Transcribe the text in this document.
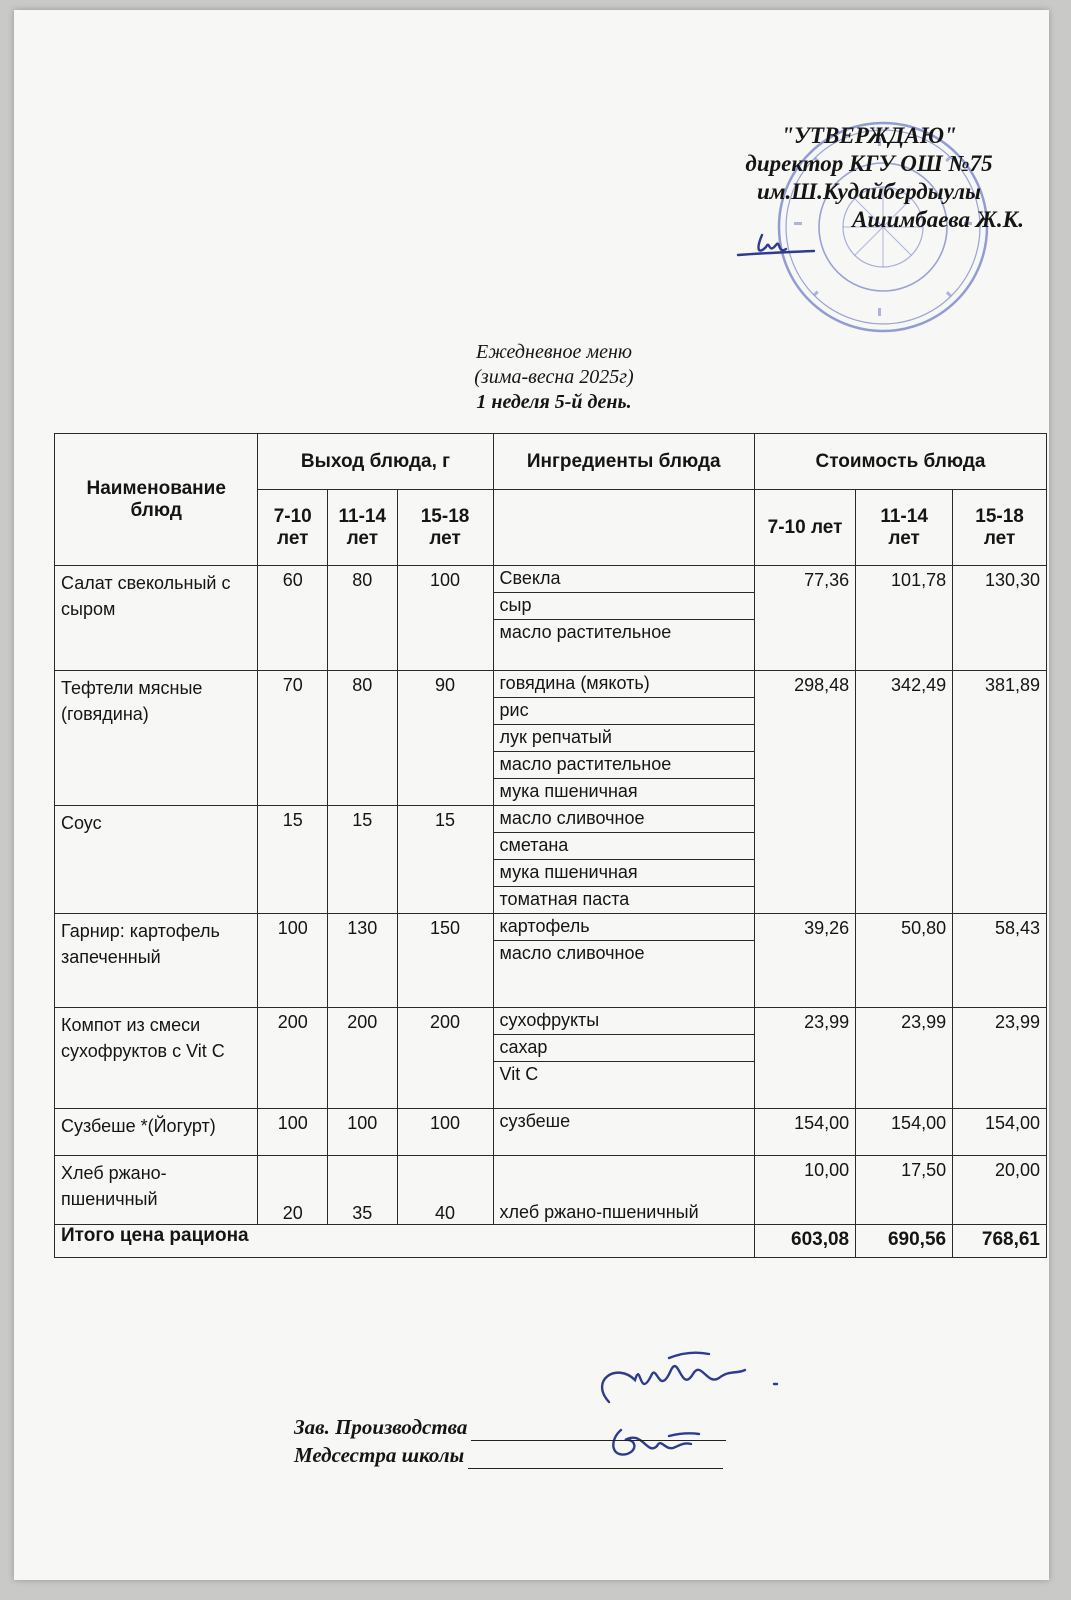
"УТВЕРЖДАЮ"
директор КГУ ОШ №75
им.Ш.Кудайбердыулы
Ашимбаева Ж.К.
Ежедневное меню
(зима-весна 2025г)
1 неделя 5-й день.
Наименование блюд	Выход блюда, г			Ингредиенты блюда	Стоимость блюда		
	7-10 лет	11-14 лет	15-18 лет		7-10 лет	11-14 лет	15-18 лет
Салат свекольный с сыром	60	80	100	Свекла	77,36	101,78	130,30
				сыр			
				масло растительное			
Тефтели мясные (говядина)	70	80	90	говядина (мякоть)	298,48	342,49	381,89
				рис			
				лук репчатый			
				масло растительное			
				мука пшеничная			
Соус	15	15	15	масло сливочное			
				сметана			
				мука пшеничная			
				томатная паста			
Гарнир: картофель запеченный	100	130	150	картофель	39,26	50,80	58,43
				масло сливочное			
Компот из смеси сухофруктов с Vit C	200	200	200	сухофрукты	23,99	23,99	23,99
				сахар			
				Vit C			
Сузбеше *(Йогурт)	100	100	100	сузбеше	154,00	154,00	154,00
Хлеб ржано-пшеничный	20	35	40	хлеб ржано-пшеничный	10,00	17,50	20,00
Итого цена рациона					603,08	690,56	768,61
Зав. Производства
Медсестра школы
